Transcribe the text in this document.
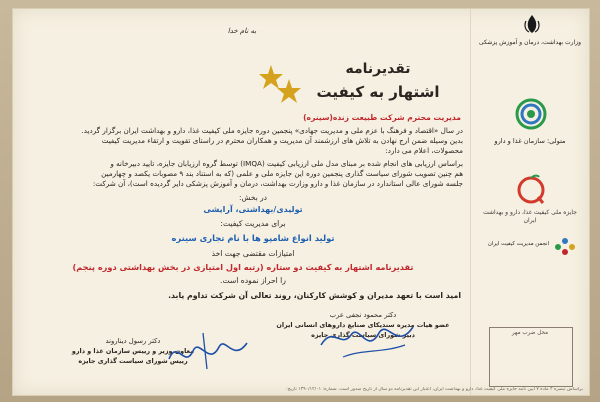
وزارت بهداشت، درمان و آموزش پزشکی
متولی: سازمان غذا و دارو
جایزه ملی کیفیت غذا، دارو و بهداشت ایران
انجمن مدیریت کیفیت ایران
محل ضرب مهر
به نام خدا
تقدیرنامه
اشتهار به کیفیت
مدیریت محترم شرکت طبیعت زنده(سینره)
در سال «اقتصاد و فرهنگ با عزم ملی و مدیریت جهادی» پنجمین دوره جایزه ملی کیفیت غذا، دارو و بهداشت ایران برگزار گردید.
بدین وسیله ضمن ارج نهادن به تلاش های ارزشمند آن مدیریت و همکاران محترم در راستای تقویت و ارتقاء مدیریت کیفیت
محصولات، اعلام می دارد:
براساس ارزیابی های انجام شده بر مبنای مدل ملی ارزیابی کیفیت (IMQA) توسط گروه ارزیابان جایزه، تایید دبیرخانه و
هم چنین تصویب شورای سیاست گذاری پنجمین دوره این جایزه ملی و علمی (که به استناد بند ۹ مصوبات یکصد و چهارمین
جلسه شورای عالی استاندارد در سازمان غذا و دارو وزارت بهداشت، درمان و آموزش پزشکی دایر گردیده است)، آن شرکت:
در بخش:
تولیدی/بهداشتی، آرایشی
برای مدیریت کیفیت:
تولید انواع شامپو ها با نام تجاری سینره
امتیازات مقتضی جهت اخذ
تقدیرنامه اشتهار به کیفیت دو ستاره (رتبه اول امتیازی در بخش بهداشتی دوره پنجم)
را احراز نموده است.
امید است با تعهد مدیران و کوشش کارکنان، روند تعالی آن شرکت تداوم یابد.
دکتر محمود نجفی عرب
عضو هیات مدیره سندیکای صنایع داروهای انسانی ایران
دبیر شورای سیاست گذاری جایزه
دکتر رسول دیناروند
معاون وزیر و رییس سازمان غذا و دارو
رییس شورای سیاست گذاری جایزه
براساس تبصره ۲ ماده ۷ آیین نامه جایزه ملی کیفیت غذا، دارو و بهداشت ایران، اعتبار این تقدیرنامه دو سال از تاریخ صدور است. شماره: ۱۳۹۰/۱۲/۰۱ تاریخ:
